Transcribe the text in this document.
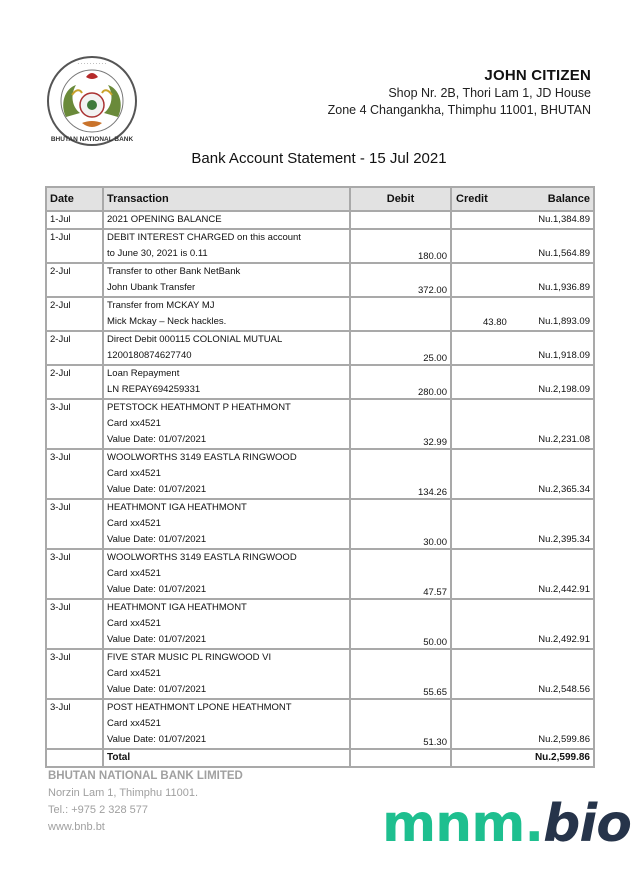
BHUTAN NATIONAL BANK
· · · · · · · · · ·
JOHN CITIZEN
Shop Nr. 2B, Thori Lam 1, JD House
Zone 4 Changankha, Thimphu 11001, BHUTAN
Bank Account Statement - 15 Jul 2021
Date	Transaction	Debit	Credit Balance

1-Jul	2021 OPENING BALANCE		Nu.1,384.89

1-Jul	DEBIT INTEREST CHARGED on this account
to June 30, 2021 is 0.11	180.00	Nu.1,564.89

2-Jul	Transfer to other Bank NetBank
John Ubank Transfer	372.00	Nu.1,936.89

2-Jul	Transfer from MCKAY MJ
Mick Mckay – Neck hackles.		43.80	Nu.1,893.09

2-Jul	Direct Debit 000115 COLONIAL MUTUAL
1200180874627740	25.00	Nu.1,918.09

2-Jul	Loan Repayment
LN REPAY694259331	280.00	Nu.2,198.09

3-Jul	PETSTOCK HEATHMONT P HEATHMONT
Card xx4521
Value Date: 01/07/2021	32.99	Nu.2,231.08

3-Jul	WOOLWORTHS 3149 EASTLA RINGWOOD
Card xx4521
Value Date: 01/07/2021	134.26	Nu.2,365.34

3-Jul	HEATHMONT IGA HEATHMONT
Card xx4521
Value Date: 01/07/2021	30.00	Nu.2,395.34

3-Jul	WOOLWORTHS 3149 EASTLA RINGWOOD
Card xx4521
Value Date: 01/07/2021	47.57	Nu.2,442.91

3-Jul	HEATHMONT IGA HEATHMONT
Card xx4521
Value Date: 01/07/2021	50.00	Nu.2,492.91

3-Jul	FIVE STAR MUSIC PL RINGWOOD VI
Card xx4521
Value Date: 01/07/2021	55.65	Nu.2,548.56

3-Jul	POST HEATHMONT LPONE HEATHMONT
Card xx4521
Value Date: 01/07/2021	51.30	Nu.2,599.86

	Total		Nu.2,599.86
BHUTAN NATIONAL BANK LIMITED
Norzin Lam 1, Thimphu 11001.
Tel.: +975 2 328 577
www.bnb.bt	mnm.bio
